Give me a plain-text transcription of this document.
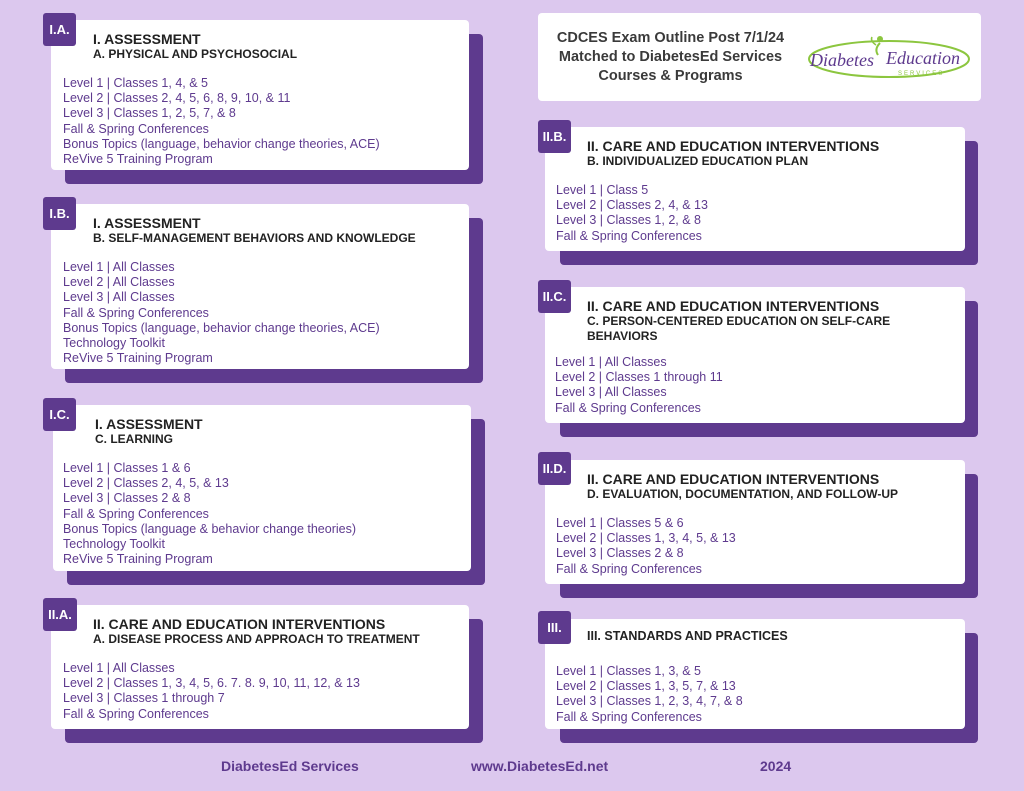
CDCES Exam Outline Post 7/1/24
Matched to DiabetesEd Services
Courses & Programs
Diabetes Education
SERVICES
I. ASSESSMENT
A. PHYSICAL AND PSYCHOSOCIAL
Level 1 | Classes 1, 4, & 5
Level 2 | Classes 2, 4, 5, 6, 8, 9, 10, & 11
Level 3 | Classes 1, 2, 5, 7, & 8
Fall & Spring Conferences
Bonus Topics (language, behavior change theories, ACE)
ReVive 5 Training Program
I.A.
I. ASSESSMENT
B. SELF-MANAGEMENT BEHAVIORS AND KNOWLEDGE
Level 1 | All Classes
Level 2 | All Classes
Level 3 | All Classes
Fall & Spring Conferences
Bonus Topics (language, behavior change theories, ACE)
Technology Toolkit
ReVive 5 Training Program
I.B.
I. ASSESSMENT
C. LEARNING
Level 1 | Classes 1 & 6
Level 2 | Classes 2, 4, 5, & 13
Level 3 | Classes 2 & 8
Fall & Spring Conferences
Bonus Topics (language & behavior change theories)
Technology Toolkit
ReVive 5 Training Program
I.C.
II. CARE AND EDUCATION INTERVENTIONS
A. DISEASE PROCESS AND APPROACH TO TREATMENT
Level 1 | All Classes
Level 2 | Classes 1, 3, 4, 5, 6. 7. 8. 9, 10, 11, 12, & 13
Level 3 | Classes 1 through 7
Fall & Spring Conferences
II.A.
II. CARE AND EDUCATION INTERVENTIONS
B. INDIVIDUALIZED EDUCATION PLAN
Level 1 | Class 5
Level 2 | Classes 2, 4, & 13
Level 3 | Classes 1, 2, & 8
Fall & Spring Conferences
II.B.
II. CARE AND EDUCATION INTERVENTIONS
C. PERSON-CENTERED EDUCATION ON SELF-CARE BEHAVIORS
Level 1 | All Classes
Level 2 | Classes 1 through 11
Level 3 | All Classes
Fall & Spring Conferences
II.C.
II. CARE AND EDUCATION INTERVENTIONS
D. EVALUATION, DOCUMENTATION, AND FOLLOW-UP
Level 1 | Classes 5 & 6
Level 2 | Classes 1, 3, 4, 5, & 13
Level 3 | Classes 2 & 8
Fall & Spring Conferences
II.D.
III. STANDARDS AND PRACTICES
Level 1 | Classes 1, 3, & 5
Level 2 | Classes 1, 3, 5, 7, & 13
Level 3 | Classes 1, 2, 3, 4, 7, & 8
Fall & Spring Conferences
III.
DiabetesEd Services	www.DiabetesEd.net	2024
